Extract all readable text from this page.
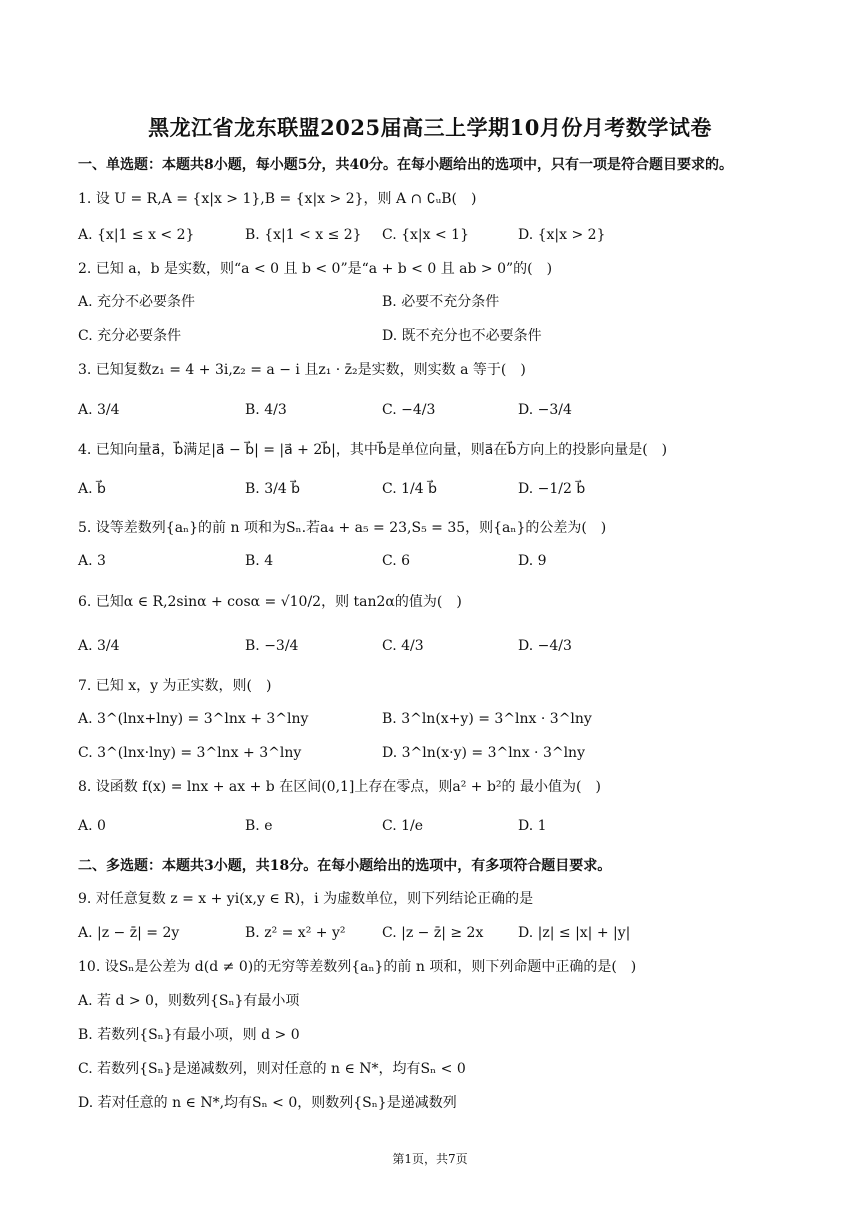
黑龙江省龙东联盟2025届高三上学期10月份月考数学试卷
一、单选题：本题共8小题，每小题5分，共40分。在每小题给出的选项中，只有一项是符合题目要求的。
1. 设 U = R,A = {x|x > 1},B = {x|x > 2}，则 A ∩ ∁ᵤB(　)
A. {x|1 ≤ x < 2}	B. {x|1 < x ≤ 2} C. {x|x < 1}	D. {x|x > 2}
2. 已知 a，b 是实数，则“a < 0 且 b < 0”是“a + b < 0 且 ab > 0”的(　)
A. 充分不必要条件	B. 必要不充分条件
C. 充分必要条件	D. 既不充分也不必要条件
3. 已知复数z₁ = 4 + 3i,z₂ = a − i 且z₁ · z̄₂是实数，则实数 a 等于(　)
A. 3/4	B. 4/3	C. −4/3	D. −3/4
4. 已知向量a⃗，b⃗满足|a⃗ − b⃗| = |a⃗ + 2b⃗|，其中b⃗是单位向量，则a⃗在b⃗方向上的投影向量是(　)
A. b⃗	B. 3/4 b⃗	C. 1/4 b⃗	D. −1/2 b⃗
5. 设等差数列{aₙ}的前 n 项和为Sₙ.若a₄ + a₅ = 23,S₅ = 35，则{aₙ}的公差为(　)
A. 3	B. 4	C. 6	D. 9
6. 已知α ∈ R,2sinα + cosα = √10/2，则 tan2α的值为(　)
A. 3/4	B. −3/4	C. 4/3	D. −4/3
7. 已知 x，y 为正实数，则(　)
A. 3^(lnx+lny) = 3^lnx + 3^lny	B. 3^ln(x+y) = 3^lnx · 3^lny
C. 3^(lnx·lny) = 3^lnx + 3^lny	D. 3^ln(x·y) = 3^lnx · 3^lny
8. 设函数 f(x) = lnx + ax + b 在区间(0,1]上存在零点，则a² + b²的 最小值为(　)
A. 0	B. e	C. 1/e	D. 1
二、多选题：本题共3小题，共18分。在每小题给出的选项中，有多项符合题目要求。
9. 对任意复数 z = x + yi(x,y ∈ R)，i 为虚数单位，则下列结论正确的是
A. |z − z̄| = 2y	B. z² = x² + y²	C. |z − z̄| ≥ 2x D. |z| ≤ |x| + |y|
10. 设Sₙ是公差为 d(d ≠ 0)的无穷等差数列{aₙ}的前 n 项和，则下列命题中正确的是(　)
A. 若 d > 0，则数列{Sₙ}有最小项
B. 若数列{Sₙ}有最小项，则 d > 0
C. 若数列{Sₙ}是递减数列，则对任意的 n ∈ N*，均有Sₙ < 0
D. 若对任意的 n ∈ N*,均有Sₙ < 0，则数列{Sₙ}是递减数列
第1页，共7页
